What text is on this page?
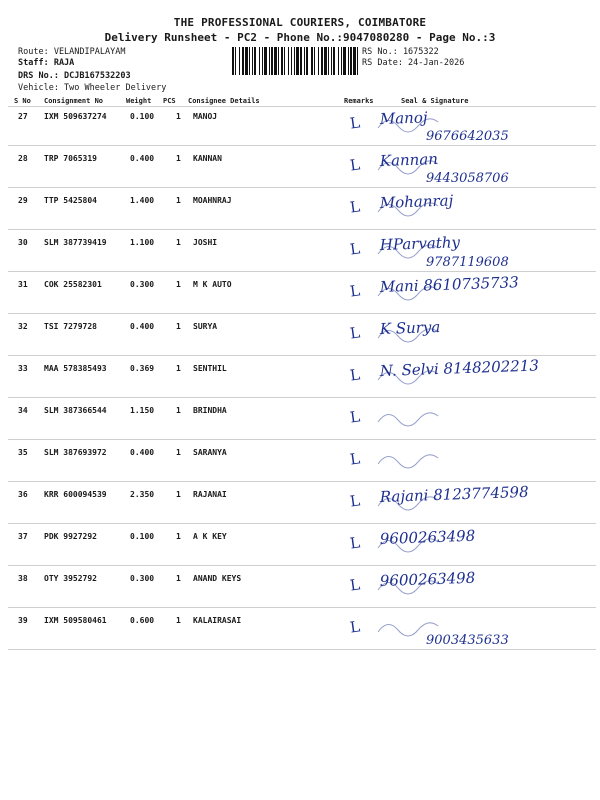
THE PROFESSIONAL COURIERS, COIMBATORE
Delivery Runsheet - PC2 - Phone No.:9047080280 - Page No.:3
Route: VELANDIPALAYAM
Staff: RAJA
DRS No.: DCJB167532203
Vehicle: Two Wheeler Delivery
RS No.: 1675322
RS Date: 24-Jan-2026
S No Consignment No	Weight PCS Consignee Details	Remarks	Seal & Signature
27 IXM 509637274	0.100	1 MANOJ	L Manoj
9676642035
28 TRP 7065319	0.400	1 KANNAN	L Kannan
9443058706
29 TTP 5425804	1.400	1 MOAHNRAJ	L Mohanraj
30 SLM 387739419	1.100	1 JOSHI	L HParvathy
9787119608
31 COK 25582301	0.300	1 M K AUTO	L Mani 8610735733
32 TSI 7279728	0.400	1 SURYA	L K Surya
33 MAA 578385493	0.369	1 SENTHIL	L N. Selvi 8148202213
34 SLM 387366544	1.150	1 BRINDHA	L
35 SLM 387693972	0.400	1 SARANYA	L
36 KRR 600094539	2.350	1 RAJANAI	L Rajani 8123774598
37 PDK 9927292	0.100	1 A K KEY	L 9600263498
38 OTY 3952792	0.300	1 ANAND KEYS	L 9600263498
39 IXM 509580461	0.600	1 KALAIRASAI	L
9003435633
